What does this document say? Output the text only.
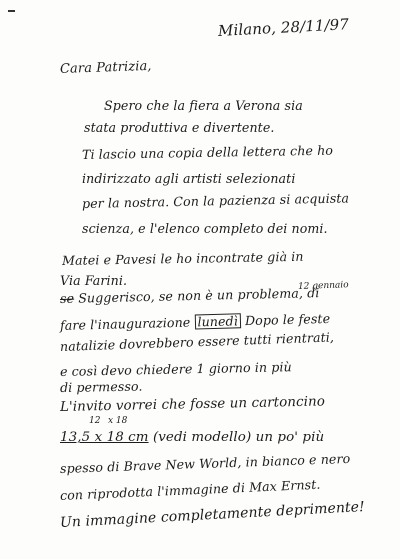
Milano, 28/11/97
Cara Patrizia,
Spero che la fiera a Verona sia
stata produttiva e divertente.
Ti lascio una copia della lettera che ho
indirizzato agli artisti selezionati
per la nostra. Con la pazienza si acquista
scienza, e l'elenco completo dei nomi.
Matei e Pavesi le ho incontrate già in
Via Farini.
se Suggerisco, se non è un problema, di
12 gennaio
fare l'inaugurazione lunedì Dopo le feste
natalizie dovrebbero essere tutti rientrati,
e così devo chiedere 1 giorno in più
di permesso.
L'invito vorrei che fosse un cartoncino
12 x 18
13,5 x 18 cm (vedi modello) un po' più
spesso di Brave New World, in bianco e nero
con riprodotta l'immagine di Max Ernst.
Un immagine completamente deprimente!
